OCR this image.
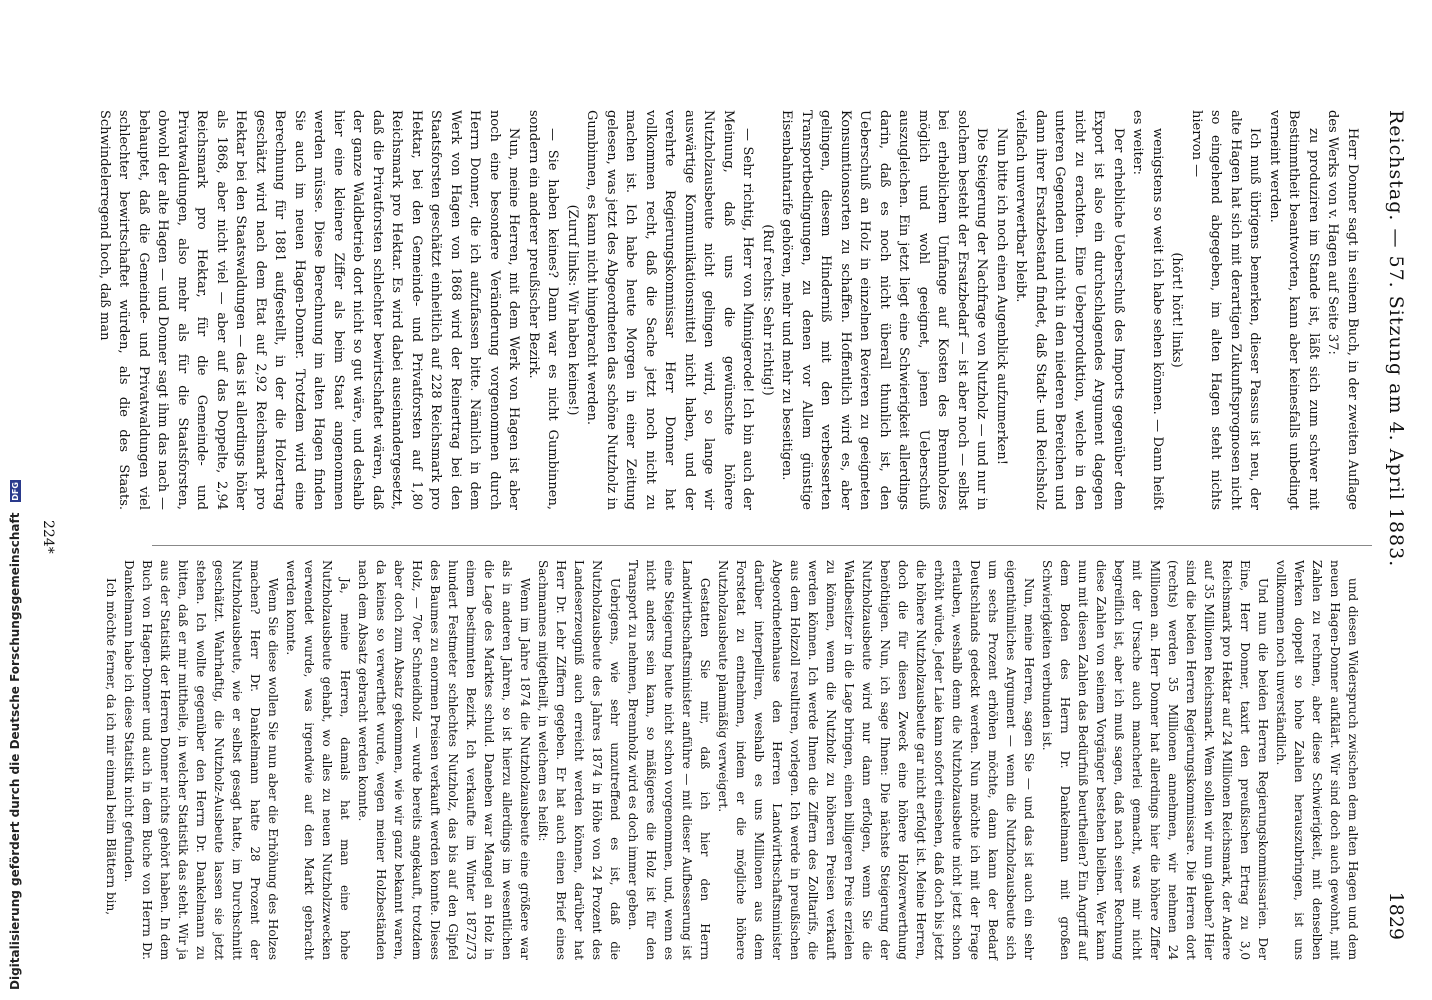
Reichstag. — 57. Sitzung am 4. April 1883.
1829

Herr Donner sagt in seinem Buch, in der zweiten Auflage des Werks von v. Hagen auf Seite 37:

zu produziren im Stande ist, läßt sich zum schwer mit Bestimmtheit beantworten, kann aber keinesfalls unbedingt verneint werden.

Ich muß übrigens bemerken, dieser Passus ist neu, der alte Hagen hat sich mit derartigen Zukunftsprognosen nicht so eingehend abgegeben, im alten Hagen steht nichts hiervon —

(hört! hört! links)

wenigstens so weit ich habe sehen können. — Dann heißt es weiter:

Der erhebliche Ueberschuß des Imports gegenüber dem Export ist also ein durchschlagendes Argument dagegen nicht zu erachten. Eine Ueberproduktion, welche in den unteren Gegenden und nicht in den niederen Bereichen und dann ihrer Ersatzbestand findet, daß Stadt- und Reichsholz vielfach unverwertbar bleibt.

Nun bitte ich noch einen Augenblick aufzumerken!

Die Steigerung der Nachfrage von Nutzholz — und nur in solchem besteht der Ersatzbedarf — ist aber noch — selbst bei erheblichem Umfange auf Kosten des Brennholzes möglich und wohl geeignet, jenen Ueberschuß auszugleichen. Ein jetzt liegt eine Schwierigkeit allerdings darin, daß es noch nicht überall thunlich ist, den Ueberschuß an Holz in einzelnen Revieren zu geeigneten Konsumtionsorten zu schaffen. Hoffentlich wird es, aber gelingen, diesem Hinderniß mit den verbesserten Transportbedingungen, zu denen vor Allem günstige Eisenbahntarife gehören, mehr und mehr zu beseitigen.

(Ruf rechts: Sehr richtig!)

— Sehr richtig, Herr von Minnigerode! Ich bin auch der Meinung, daß uns die gewünschte höhere Nutzholzausbeute nicht gelingen wird, so lange wir auswärtige Kommunikationsmittel nicht haben, und der verehrte Regierungskommissar Herr Donner hat vollkommen recht, daß die Sache jetzt noch nicht zu machen ist. Ich habe heute Morgen in einer Zeitung gelesen, was jetzt des Abgeordneten das schöne Nutzholz in Gumbinnen, es kann nicht hingebracht werden.

(Zuruf links: Wir haben keines!)

— Sie haben keines? Dann war es nicht Gumbinnen, sondern ein anderer preußischer Bezirk.

Nun, meine Herren, mit dem Werk von Hagen ist aber noch eine besondere Veränderung vorgenommen durch Herrn Donner, die ich aufzufassen bitte. Nämlich in dem Werk von Hagen von 1868 wird der Reinertrag bei den Staatsforsten geschätzt einheitlich auf 228 Reichsmark pro Hektar, bei den Gemeinde- und Privatforsten auf 1,80 Reichsmark pro Hektar. Es wird dabei auseinandergesetzt, daß die Privatforsten schlechter bewirtschaftet wären, daß der ganze Waldbetrieb dort nicht so gut wäre, und deshalb hier eine kleinere Ziffer als beim Staat angenommen werden müsse. Diese Berechnung im alten Hagen finden Sie auch im neuen Hagen-Donner. Trotzdem wird eine Berechnung für 1881 aufgestellt, in der die Holzertrag geschätzt wird nach dem Etat auf 2,92 Reichsmark pro Hektar bei den Staatswaldungen — das ist allerdings höher als 1868, aber nicht viel — aber auf das Doppelte, 2,94 Reichsmark pro Hektar, für die Gemeinde- und Privatwaldungen, also mehr als für die Staatsforsten, obwohl der alte Hagen — und Donner sagt ihm das nach — behauptet, daß die Gemeinde- und Privatwaldungen viel schlechter bewirtschaftet würden, als die des Staats. Schwindelerregend hoch, daß man

und diesen Widerspruch zwischen dem alten Hagen und dem neuen Hagen-Donner aufklärt. Wir sind doch auch gewohnt, mit Zahlen zu rechnen, aber diese Schwierigkeit, mit denselben Werken doppelt so hohe Zahlen herauszubringen, ist uns vollkommen noch unverständlich.

Und nun die beiden Herren Regierungskommissarien. Der Eine, Herr Donner, taxirt den preußischen Ertrag zu 3,0 Reichsmark pro Hektar auf 24 Millionen Reichsmark, der Andere auf 35 Millionen Reichsmark. Wem sollen wir nun glauben? Hier sind die beiden Herren Regierungskommissare. Die Herren dort (rechts) werden 35 Millionen annehmen, wir nehmen 24 Millionen an. Herr Donner hat allerdings hier die höhere Ziffer mit der Ursache auch mancherlei gemacht, was mir nicht begreiflich ist, aber ich muß sagen, daß nach seiner Rechnung diese Zahlen von seinem Vorgänger bestehen bleiben. Wer kann nun mit diesen Zahlen das Bedürfniß beurtheilen? Ein Angriff auf dem Boden des Herrn Dr. Dankelmann mit großen Schwierigkeiten verbunden ist.

Nun, meine Herren, sagen Sie — und das ist auch ein sehr eigenthümliches Argument — wenn die Nutzholzausbeute sich um sechs Prozent erhöhen möchte, dann kann der Bedarf Deutschlands gedeckt werden. Nun möchte ich mit der Frage erlauben, weshalb denn die Nutzholzausbeute nicht jetzt schon erhöht würde. Jeder Laie kann sofort einsehen, daß doch bis jetzt die höhere Nutzholzausbeute gar nicht erfolgt ist. Meine Herren, doch die für diesen Zweck eine höhere Holzverwerthung benöthigen. Nun, ich sage Ihnen: Die nächste Steigerung der Nutzholzausbeute wird nur dann erfolgen, wenn Sie die Waldbesitzer in die Lage bringen, einen billigeren Preis erzielen zu können, wenn die Nutzholz zu höheren Preisen verkauft werden können. Ich werde Ihnen die Ziffern des Zolltarifs, die aus dem Holzzoll resultiren, vorlegen. Ich werde in preußischen Abgeordnetenhause den Herren Landwirthschaftsminister darüber interpelliren, weshalb es uns Millionen aus dem Forstetat zu entnehmen, indem er die mögliche höhere Nutzholzausbeute planmäßig verweigert.

Gestatten Sie mir, daß ich hier den Herrn Landwirthschaftsminister anführe — mit dieser Aufbesserung ist eine Steigerung heute nicht schon vorgenommen, und, wenn es nicht anders sein kann, so mäßigeres die Holz ist für den Transport zu nehmen, Brennholz wird es doch immer geben.

Uebrigens, wie sehr unzutreffend es ist, daß die Nutzholzausbeute des Jahres 1874 in Höhe von 24 Prozent des Landeserzeugniß auch erreicht werden können, darüber hat Herr Dr. Lehr Ziffern gegeben. Er hat auch einen Brief eines Sachmannes mitgetheilt, in welchem es heißt:

Wenn im Jahre 1874 die Nutzholzausbeute eine größere war als in anderen Jahren, so ist hierzu allerdings im wesentlichen die Lage des Marktes schuld. Daneben war Mangel an Holz in einem bestimmten Bezirk. Ich verkaufte im Winter 1872/73 hundert Festmeter schlechtes Nutzholz, das bis auf den Gipfel des Baumes zu enormen Preisen verkauft werden konnte. Dieses Holz, — 70er Schneidholz — wurde bereits angekauft, trotzdem aber doch zum Absatz gekommen, wie wir ganz bekannt waren, da keines so verwerthet wurde, wegen meiner Holzbeständen nach dem Absatz gebracht werden konnte.

Ja, meine Herren, damals hat man eine hohe Nutzholzausbeute gehabt, wo alles zu neuen Nutzholzzwecken verwendet wurde, was irgendwie auf den Markt gebracht werden konnte.

Wenn Sie diese wollen Sie nun aber die Erhöhung des Holzes machen? Herr Dr. Dankelmann hatte 28 Prozent der Nutzholzausbeute, wie er selbst gesagt hatte, im Durchschnitt geschätzt. Wahrhaftig, die Nutzholz-Ausbeute lassen sie jetzt stehen. Ich wollte gegenüber den Herrn Dr. Dankelmann zu bitten, daß er mir mittheile, in welcher Statistik das steht. Wir ja aus der Statistik der Herren Donner nichts gehört haben. In dem Buch von Hagen-Donner und auch in dem Buche von Herrn Dr. Dankelmann habe ich diese Statistik nicht gefunden.

Ich möchte ferner, da ich mir einmal beim Blättern bin,

224*
Digitalisierung gefördert durch die Deutsche Forschungsgemeinschaft DFG
